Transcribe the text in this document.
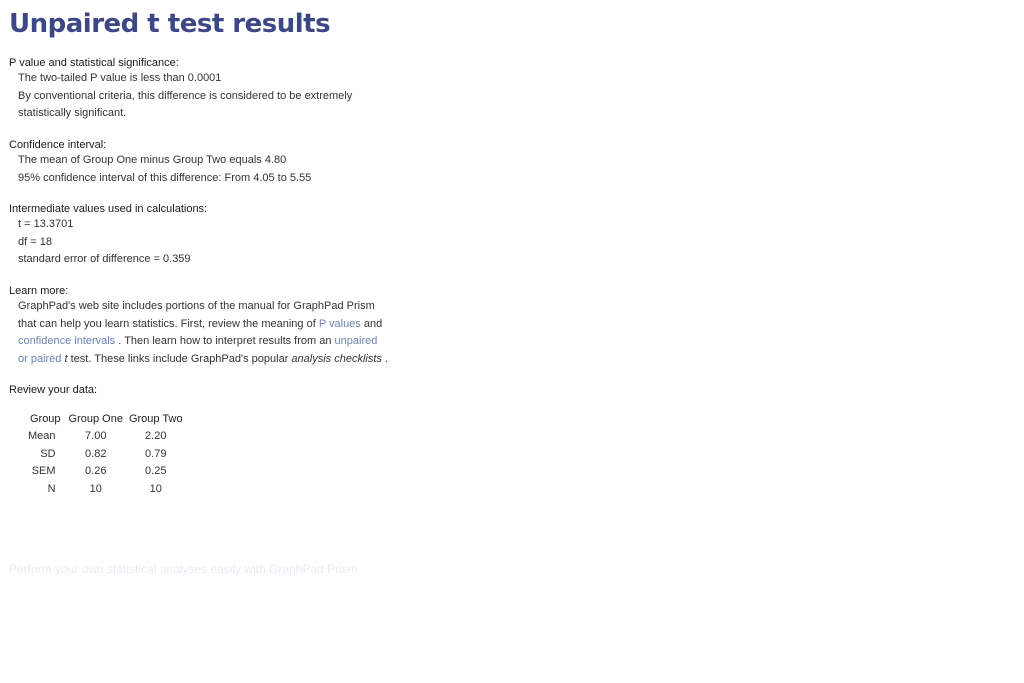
Unpaired t test results

P value and statistical significance:

The two-tailed P value is less than 0.0001

By conventional criteria, this difference is considered to be extremely

statistically significant.

Confidence interval:

The mean of Group One minus Group Two equals 4.80

95% confidence interval of this difference: From 4.05 to 5.55

Intermediate values used in calculations:

t = 13.3701

df = 18

standard error of difference = 0.359

Learn more:

GraphPad's web site includes portions of the manual for GraphPad Prism

that can help you learn statistics. First, review the meaning of P values and

confidence intervals . Then learn how to interpret results from an unpaired

or paired t test. These links include GraphPad's popular analysis checklists .

Review your data:

Group	Group One	Group Two
Mean	7.00	2.20
SD	0.82	0.79
SEM	0.26	0.25
N	10	10
Perform your own statistical analyses easily with GraphPad Prism
